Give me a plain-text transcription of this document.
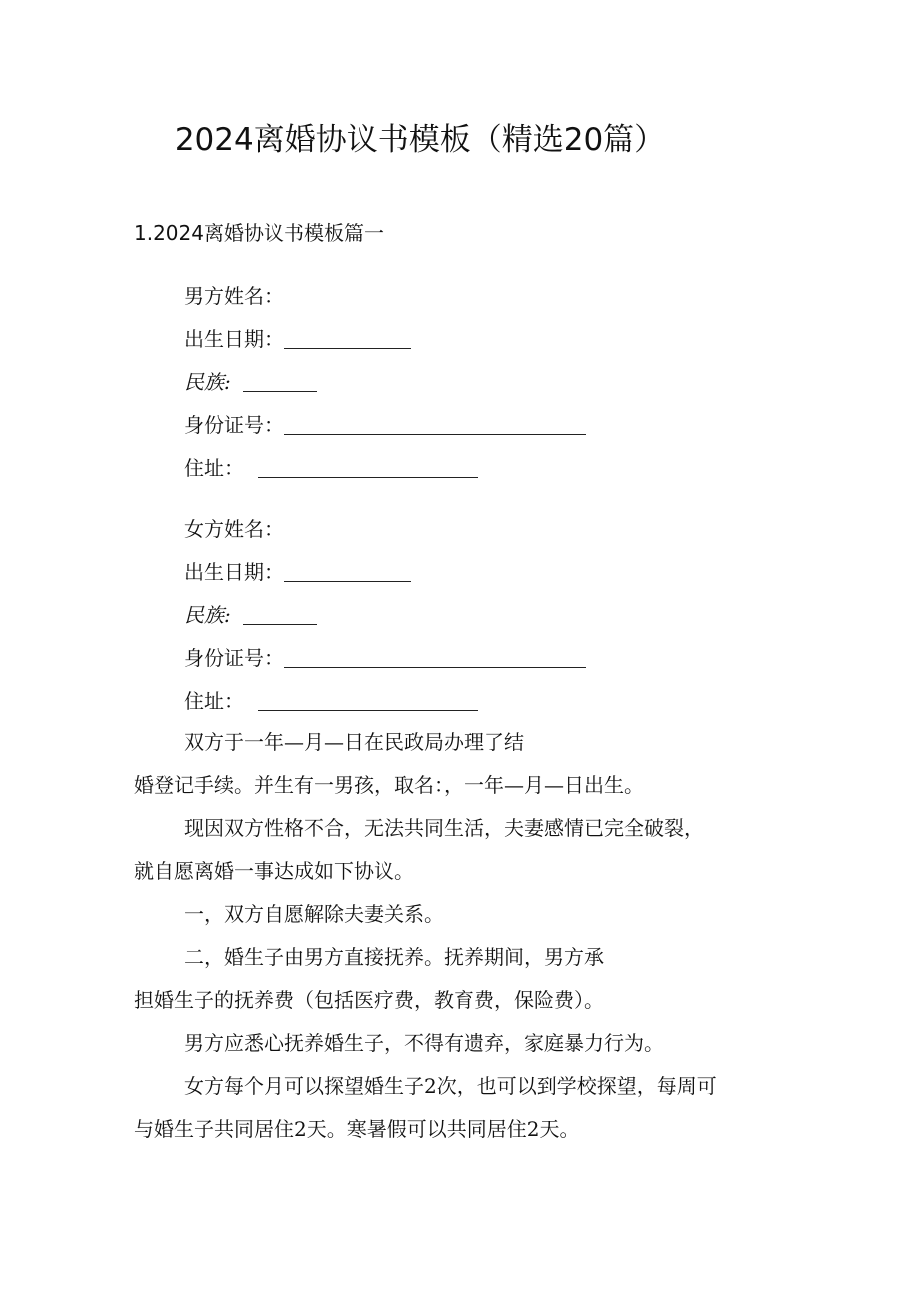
2024离婚协议书模板（精选20篇）
1.2024离婚协议书模板篇一
男方姓名：
出生日期：
民族:
身份证号：
住址：
女方姓名：
出生日期：
民族:
身份证号：
住址：

双方于一年—月—日在民政局办理了结
婚登记手续。并生有一男孩，取名：，一年—月—日出生。

现因双方性格不合，无法共同生活，夫妻感情已完全破裂，
就自愿离婚一事达成如下协议。

一，双方自愿解除夫妻关系。

二，婚生子由男方直接抚养。抚养期间，男方承
担婚生子的抚养费（包括医疗费，教育费，保险费）。

男方应悉心抚养婚生子，不得有遗弃，家庭暴力行为。

女方每个月可以探望婚生子2次，也可以到学校探望，每周可
与婚生子共同居住2天。寒暑假可以共同居住2天。
